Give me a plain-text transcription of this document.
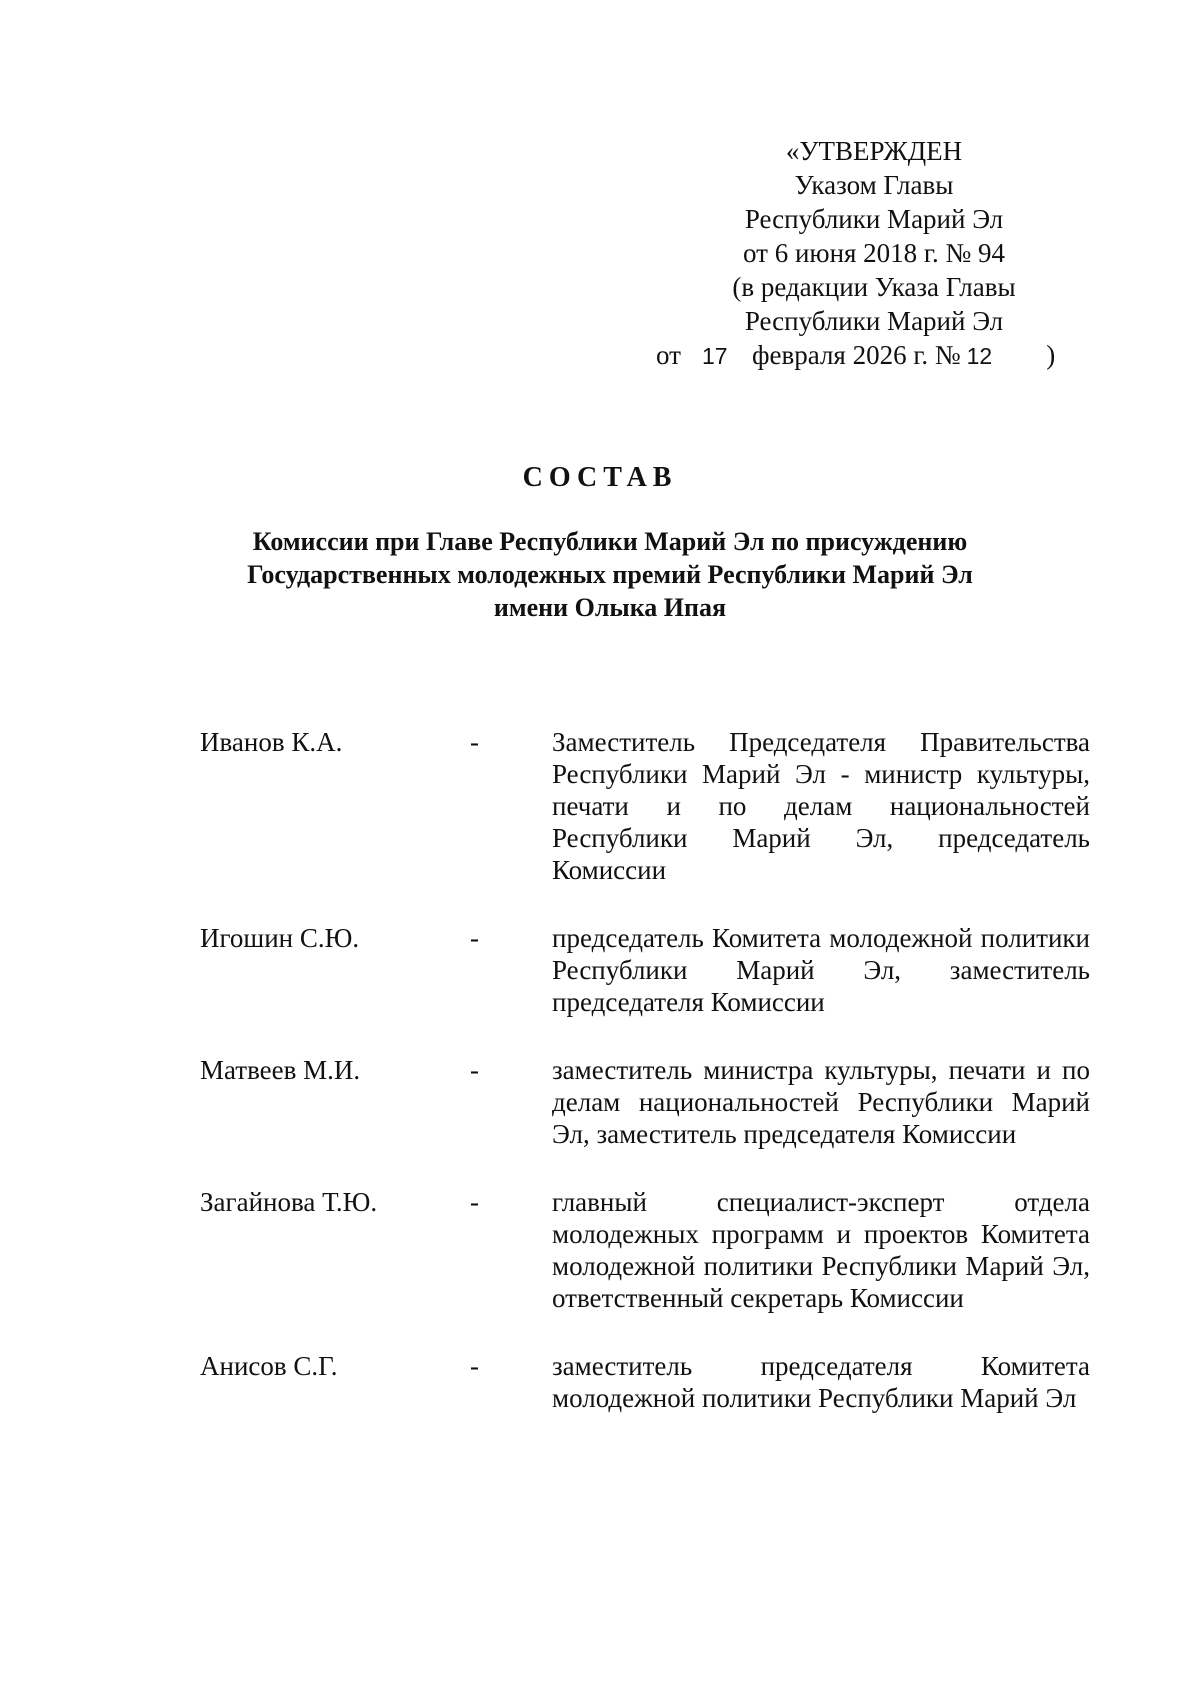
«УТВЕРЖДЕН
Указом Главы
Республики Марий Эл
от 6 июня 2018 г. № 94
(в редакции Указа Главы
Республики Марий Эл
от 17 февраля 2026 г. № 12 )
СОСТАВ
Комиссии при Главе Республики Марий Эл по присуждению
Государственных молодежных премий Республики Марий Эл
имени Олыка Ипая
Иванов К.А.	-	Заместитель Председателя Правительства Республики Марий Эл - министр культуры, печати и по делам национальностей Республики Марий Эл, председатель Комиссии
Игошин С.Ю.	-	председатель Комитета молодежной политики Республики Марий Эл, заместитель председателя Комиссии
Матвеев М.И.	-	заместитель министра культуры, печати и по делам национальностей Республики Марий Эл, заместитель председателя Комиссии
Загайнова Т.Ю.	-	главный специалист-эксперт отдела молодежных программ и проектов Комитета молодежной политики Республики Марий Эл, ответственный секретарь Комиссии
Анисов С.Г.	-	заместитель председателя Комитета молодежной политики Республики Марий Эл
